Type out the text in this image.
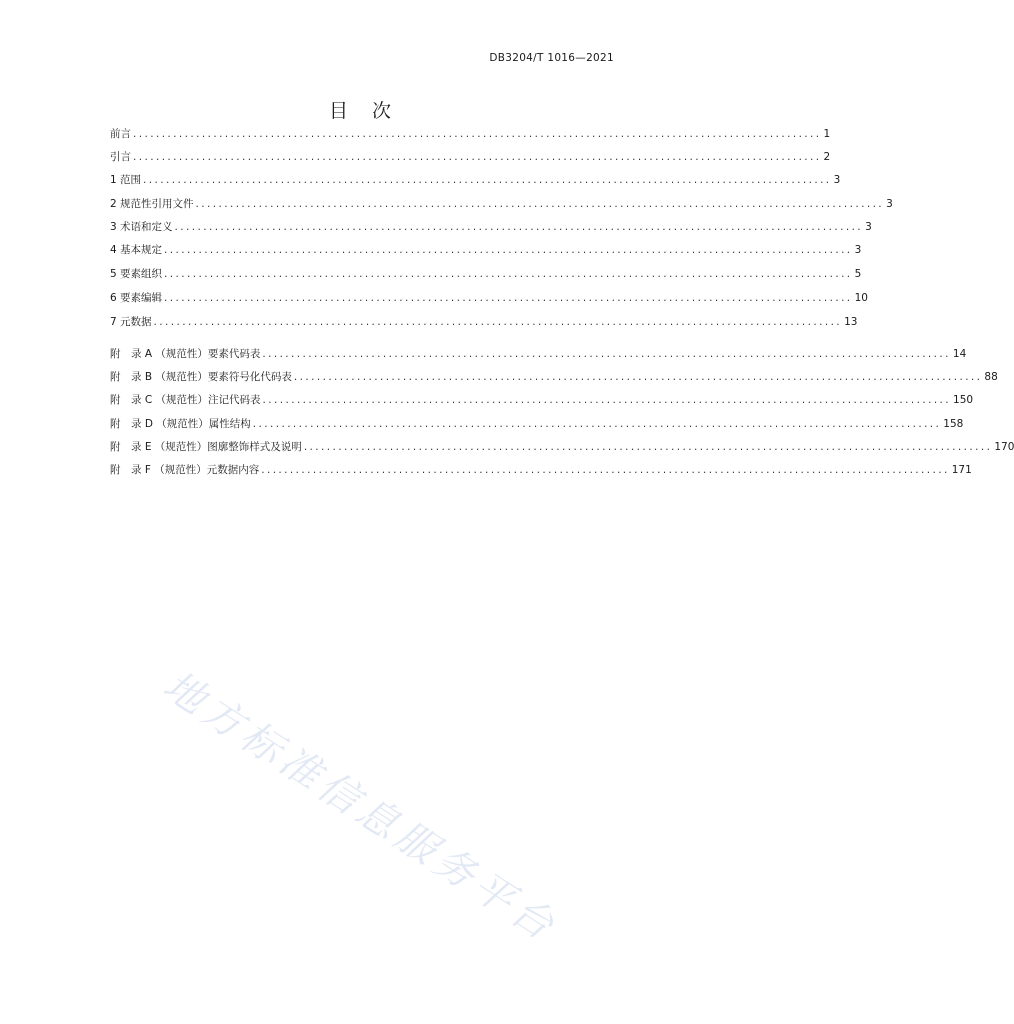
DB3204/T 1016—2021
目 次
前言 ........................................................................................................................ 1
引言 ........................................................................................................................ 2
1 范围 ........................................................................................................................ 3
2 规范性引用文件 ........................................................................................................................ 3
3 术语和定义 ........................................................................................................................ 3
4 基本规定 ........................................................................................................................ 3
5 要素组织 ........................................................................................................................ 5
6 要素编辑 ........................................................................................................................ 10
7 元数据 ........................................................................................................................ 13
附　录 A （规范性）要素代码表 ........................................................................................................................ 14
附　录 B （规范性）要素符号化代码表 ........................................................................................................................ 88
附　录 C （规范性）注记代码表 ........................................................................................................................ 150
附　录 D （规范性）属性结构 ........................................................................................................................ 158
附　录 E （规范性）图廓整饰样式及说明 ........................................................................................................................ 170
附　录 F （规范性）元数据内容 ........................................................................................................................ 171
地方标准信息服务平台
